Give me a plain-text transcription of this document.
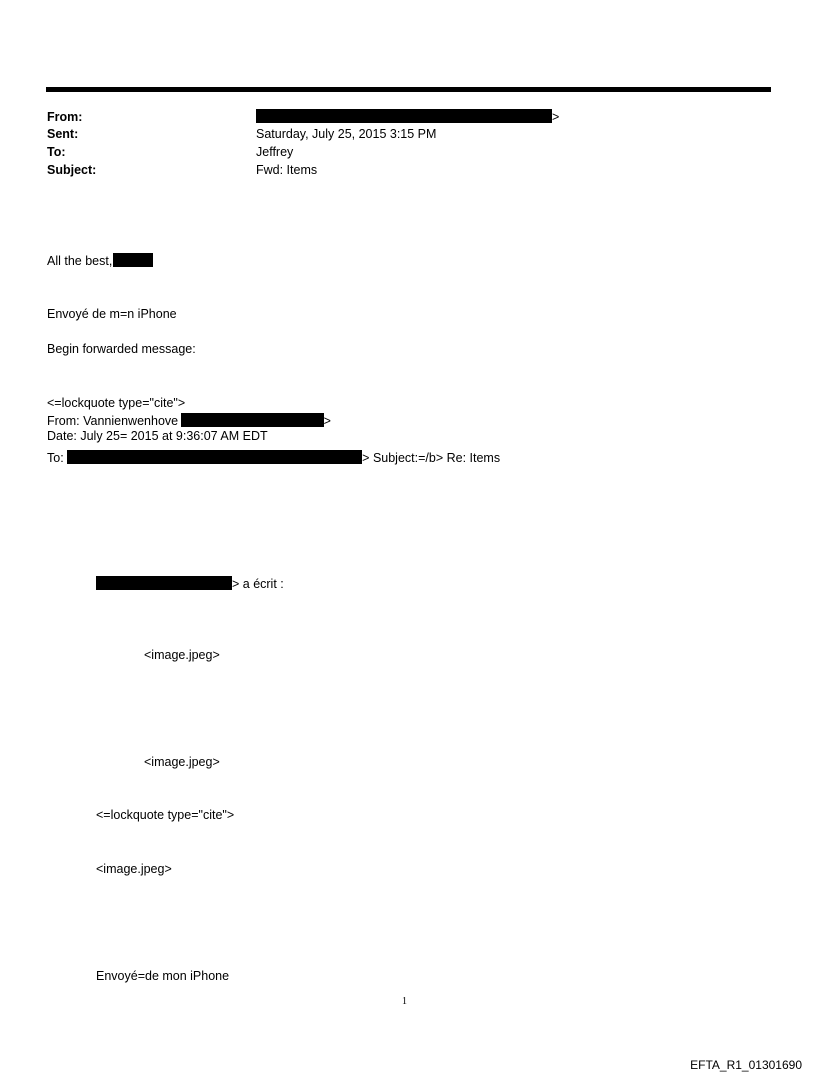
From:	>
Sent:	Saturday, July 25, 2015 3:15 PM
To:	Jeffrey
Subject:	Fwd: Items
All the best,
Envoyé de m=n iPhone
Begin forwarded message:
<=lockquote type="cite">
From: Vannienwenhove	>
Date: July 25= 2015 at 9:36:07 AM EDT
To:	> Subject:=/b> Re: Items
> a écrit :
<image.jpeg>
<image.jpeg>
<=lockquote type="cite">
<image.jpeg>
Envoyé=de mon iPhone
1
EFTA_R1_01301690
